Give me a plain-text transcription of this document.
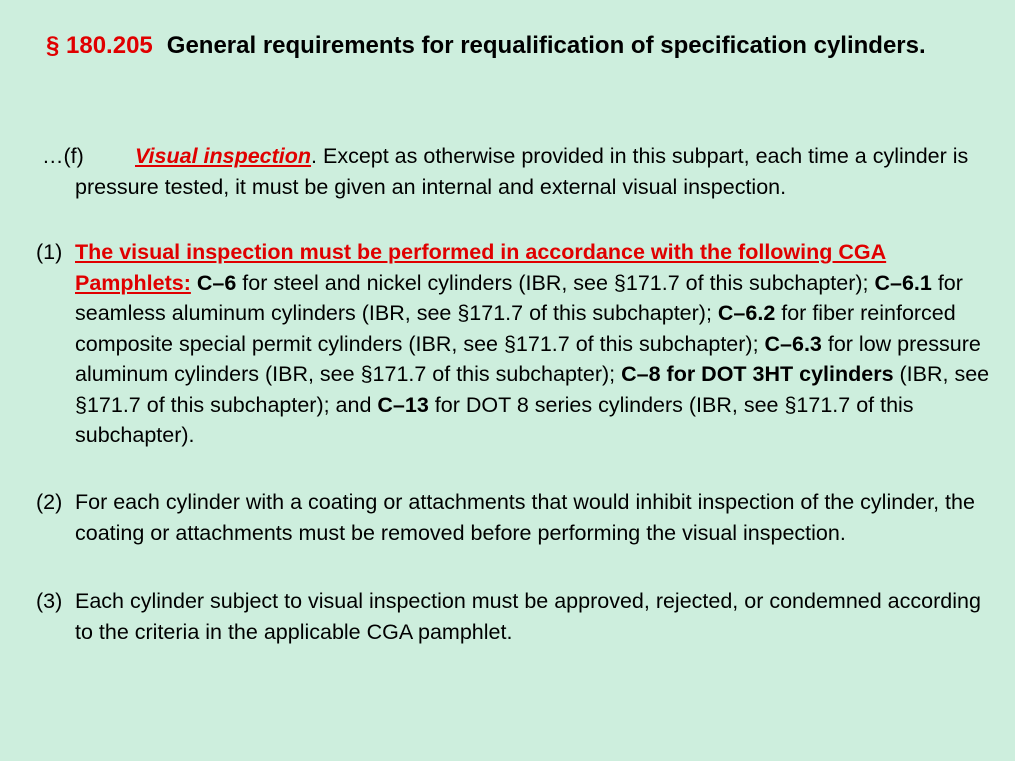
§ 180.205 General requirements for requalification of specification cylinders.
…(f) Visual inspection. Except as otherwise provided in this subpart, each time a cylinder is pressure tested, it must be given an internal and external visual inspection.
(1) The visual inspection must be performed in accordance with the following CGA Pamphlets: C–6 for steel and nickel cylinders (IBR, see §171.7 of this subchapter); C–6.1 for seamless aluminum cylinders (IBR, see §171.7 of this subchapter); C–6.2 for fiber reinforced composite special permit cylinders (IBR, see §171.7 of this subchapter); C–6.3 for low pressure aluminum cylinders (IBR, see §171.7 of this subchapter); C–8 for DOT 3HT cylinders (IBR, see §171.7 of this subchapter); and C–13 for DOT 8 series cylinders (IBR, see §171.7 of this subchapter).
(2) For each cylinder with a coating or attachments that would inhibit inspection of the cylinder, the coating or attachments must be removed before performing the visual inspection.
(3) Each cylinder subject to visual inspection must be approved, rejected, or condemned according to the criteria in the applicable CGA pamphlet.
